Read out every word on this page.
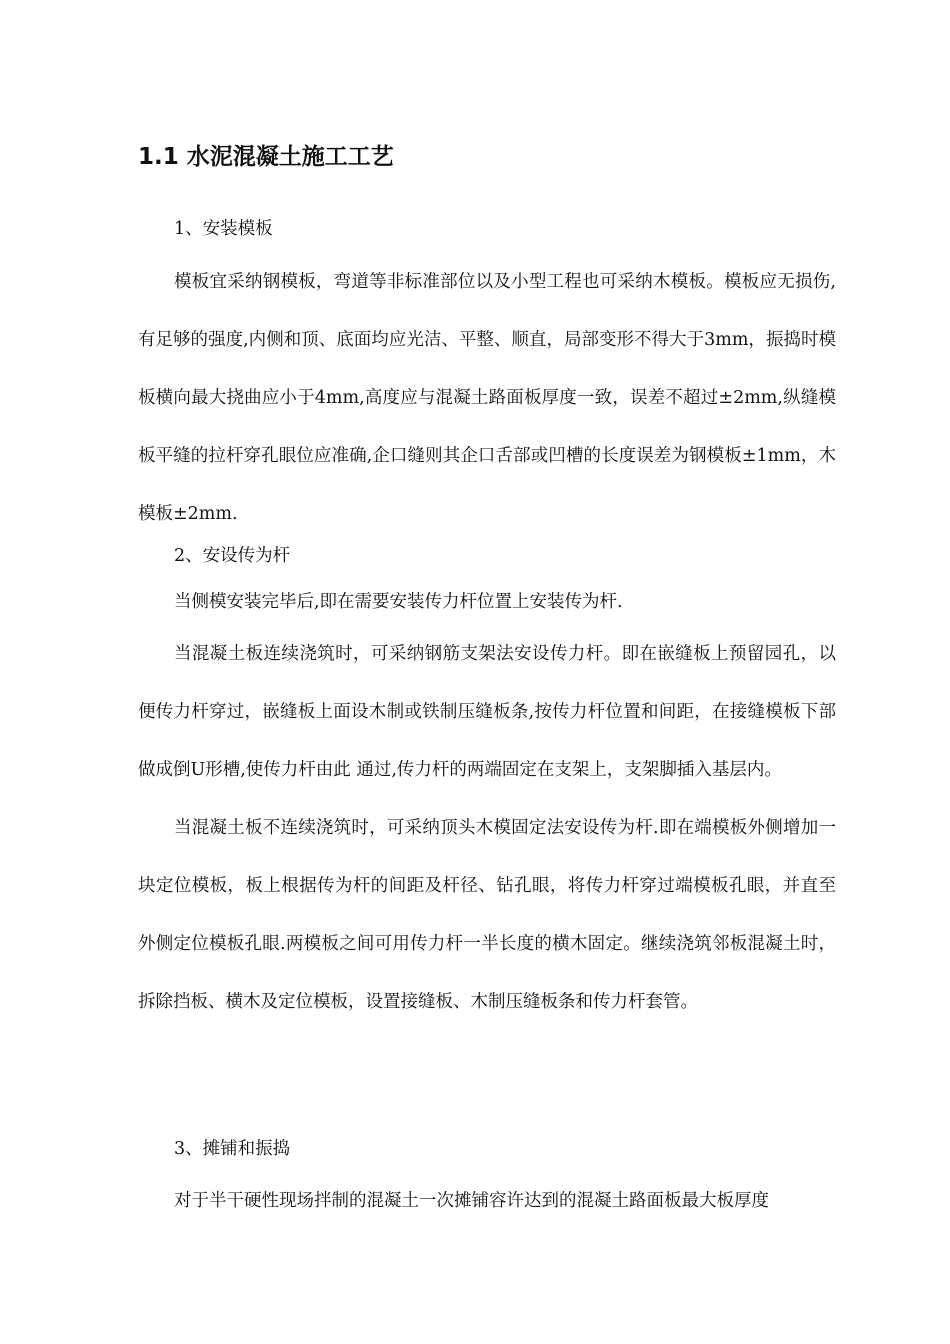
1.1 水泥混凝土施工工艺

1、安装模板

模板宜采纳钢模板，弯道等非标准部位以及小型工程也可采纳木模板。模板应无损伤,有足够的强度,内侧和顶、底面均应光洁、平整、顺直，局部变形不得大于3mm，振捣时模板横向最大挠曲应小于4mm,高度应与混凝土路面板厚度一致，误差不超过±2mm,纵缝模板平缝的拉杆穿孔眼位应准确,企口缝则其企口舌部或凹槽的长度误差为钢模板±1mm，木模板±2mm.

2、安设传为杆

当侧模安装完毕后,即在需要安装传力杆位置上安装传为杆.

当混凝土板连续浇筑时，可采纳钢筋支架法安设传力杆。即在嵌缝板上预留园孔，以便传力杆穿过，嵌缝板上面设木制或铁制压缝板条,按传力杆位置和间距，在接缝模板下部做成倒U形槽,使传力杆由此 通过,传力杆的两端固定在支架上，支架脚插入基层内。

当混凝土板不连续浇筑时，可采纳顶头木模固定法安设传为杆.即在端模板外侧增加一块定位模板，板上根据传为杆的间距及杆径、钻孔眼，将传力杆穿过端模板孔眼，并直至外侧定位模板孔眼.两模板之间可用传力杆一半长度的横木固定。继续浇筑邻板混凝土时，拆除挡板、横木及定位模板，设置接缝板、木制压缝板条和传力杆套管。

3、摊铺和振捣

对于半干硬性现场拌制的混凝土一次摊铺容许达到的混凝土路面板最大板厚度
